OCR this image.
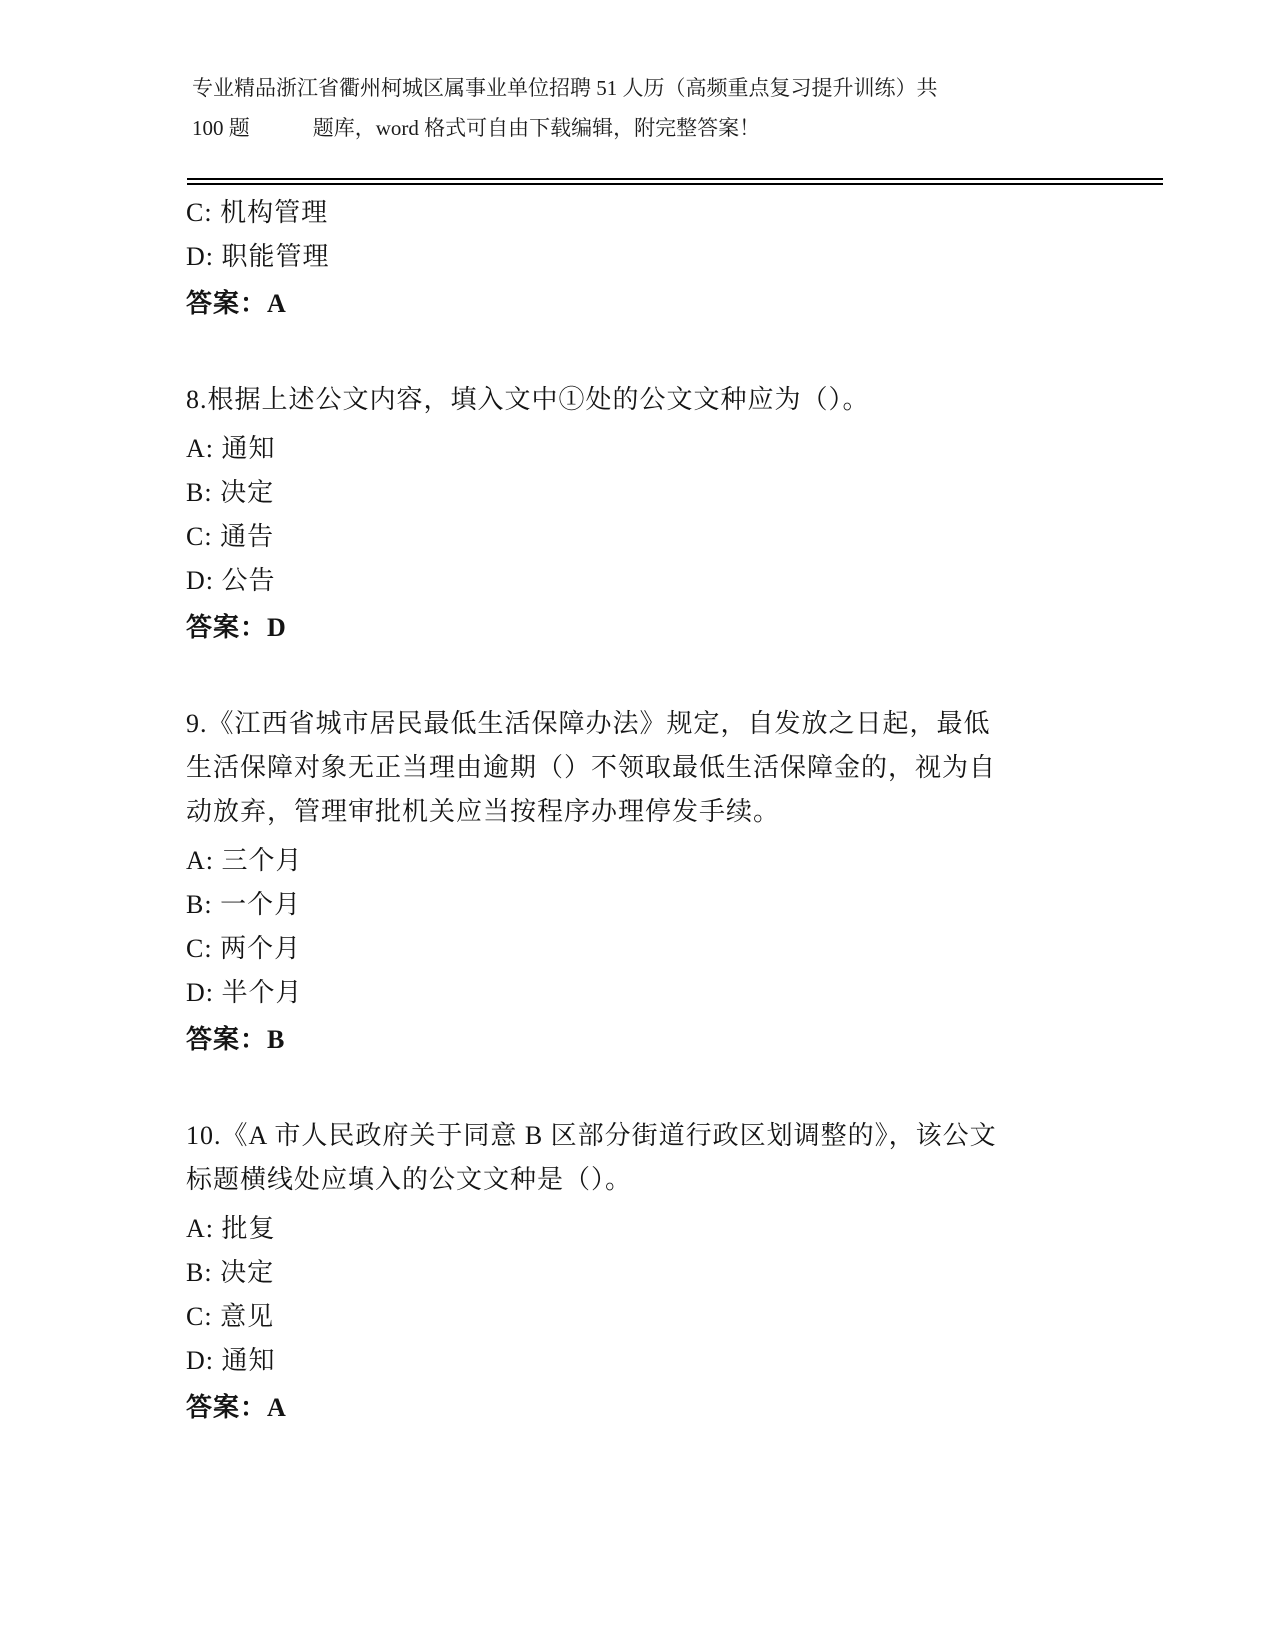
专业精品浙江省衢州柯城区属事业单位招聘 51 人历（高频重点复习提升训练）共

100 题　　　题库，word 格式可自由下载编辑，附完整答案！

C: 机构管理

D: 职能管理

答案：A

8.根据上述公文内容，填入文中①处的公文文种应为（）。

A: 通知

B: 决定

C: 通告

D: 公告

答案：D

9.《江西省城市居民最低生活保障办法》规定，自发放之日起，最低

生活保障对象无正当理由逾期（）不领取最低生活保障金的，视为自

动放弃，管理审批机关应当按程序办理停发手续。

A: 三个月

B: 一个月

C: 两个月

D: 半个月

答案：B

10.《A 市人民政府关于同意 B 区部分街道行政区划调整的》，该公文

标题横线处应填入的公文文种是（）。

A: 批复

B: 决定

C: 意见

D: 通知

答案：A
